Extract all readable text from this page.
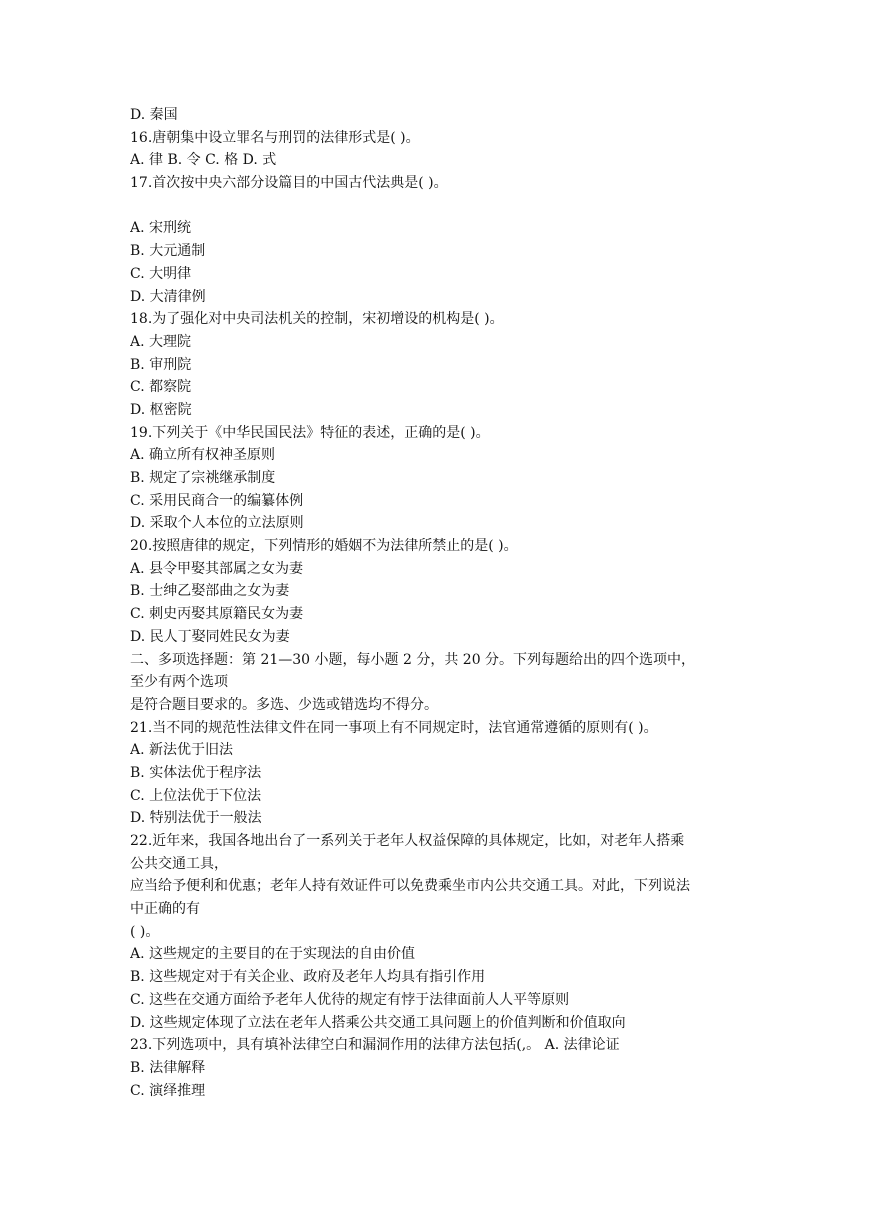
D. 秦国
16.唐朝集中设立罪名与刑罚的法律形式是( )。
A. 律 B. 令 C. 格 D. 式
17.首次按中央六部分设篇目的中国古代法典是( )。
A. 宋刑统
B. 大元通制
C. 大明律
D. 大清律例
18.为了强化对中央司法机关的控制，宋初增设的机构是( )。
A. 大理院
B. 审刑院
C. 都察院
D. 枢密院
19.下列关于《中华民国民法》特征的表述，正确的是( )。
A. 确立所有权神圣原则
B. 规定了宗祧继承制度
C. 采用民商合一的编纂体例
D. 采取个人本位的立法原则
20.按照唐律的规定，下列情形的婚姻不为法律所禁止的是( )。
A. 县令甲娶其部属之女为妻
B. 士绅乙娶部曲之女为妻
C. 刺史丙娶其原籍民女为妻
D. 民人丁娶同姓民女为妻
二、多项选择题：第 21—30 小题，每小题 2 分，共 20 分。下列每题给出的四个选项中，
至少有两个选项
是符合题目要求的。多选、少选或错选均不得分。
21.当不同的规范性法律文件在同一事项上有不同规定时，法官通常遵循的原则有( )。
A. 新法优于旧法
B. 实体法优于程序法
C. 上位法优于下位法
D. 特别法优于一般法
22.近年来，我国各地出台了一系列关于老年人权益保障的具体规定，比如，对老年人搭乘
公共交通工具，
应当给予便利和优惠；老年人持有效证件可以免费乘坐市内公共交通工具。对此，下列说法
中正确的有
( )。
A. 这些规定的主要目的在于实现法的自由价值
B. 这些规定对于有关企业、政府及老年人均具有指引作用
C. 这些在交通方面给予老年人优待的规定有悖于法律面前人人平等原则
D. 这些规定体现了立法在老年人搭乘公共交通工具问题上的价值判断和价值取向
23.下列选项中，具有填补法律空白和漏洞作用的法律方法包括(,。 A. 法律论证
B. 法律解释
C. 演绎推理
